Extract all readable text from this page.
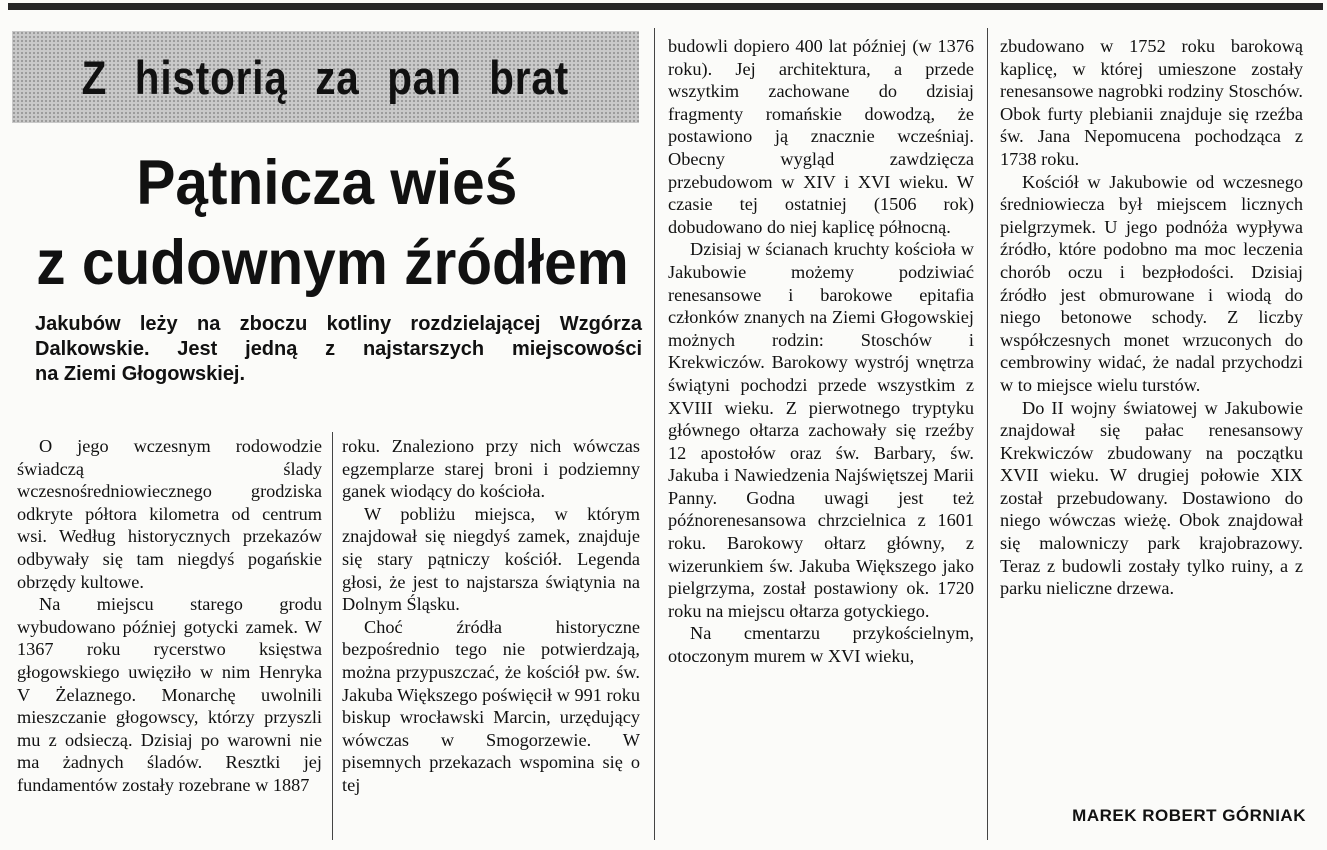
Z historią za pan brat
Pątnicza wieś
z cudownym źródłem
Jakubów leży na zboczu kotliny rozdzielającej Wzgórza
Dalkowskie. Jest jedną z najstarszych miejscowości
na Ziemi Głogowskiej.

O jego wczesnym rodowodzie świadczą ślady wczesnośredniowiecznego grodziska odkryte półtora kilometra od centrum wsi. Według historycznych przekazów odbywały się tam niegdyś pogańskie obrzędy kultowe.

Na miejscu starego grodu wybudowano później gotycki zamek. W 1367 roku rycerstwo księstwa głogowskiego uwięziło w nim Henryka V Żelaznego. Monarchę uwolnili mieszczanie głogowscy, którzy przyszli mu z odsieczą. Dzisiaj po warowni nie ma żadnych śladów. Resztki jej fundamentów zostały rozebrane w 1887

roku. Znaleziono przy nich wówczas egzemplarze starej broni i podziemny ganek wiodący do kościoła.

W pobliżu miejsca, w którym znajdował się niegdyś zamek, znajduje się stary pątniczy kościół. Legenda głosi, że jest to najstarsza świątynia na Dolnym Śląsku.

Choć źródła historyczne bezpośrednio tego nie potwierdzają, można przypuszczać, że kościół pw. św. Jakuba Większego poświęcił w 991 roku biskup wrocławski Marcin, urzędujący wówczas w Smogorzewie. W pisemnych przekazach wspomina się o tej

budowli dopiero 400 lat później (w 1376 roku). Jej architektura, a przede wszytkim zachowane do dzisiaj fragmenty romańskie dowodzą, że postawiono ją znacznie wcześniaj. Obecny wygląd zawdzięcza przebudowom w XIV i XVI wieku. W czasie tej ostatniej (1506 rok) dobudowano do niej kaplicę północną.

Dzisiaj w ścianach kruchty kościoła w Jakubowie możemy podziwiać renesansowe i barokowe epitafia członków znanych na Ziemi Głogowskiej możnych rodzin: Stoschów i Krekwiczów. Barokowy wystrój wnętrza świątyni pochodzi przede wszystkim z XVIII wieku. Z pierwotnego tryptyku głównego ołtarza zachowały się rzeźby 12 apostołów oraz św. Barbary, św. Jakuba i Nawiedzenia Najświętszej Marii Panny. Godna uwagi jest też późnorenesansowa chrzcielnica z 1601 roku. Barokowy ołtarz główny, z wizerunkiem św. Jakuba Większego jako pielgrzyma, został postawiony ok. 1720 roku na miejscu ołtarza gotyckiego.

Na cmentarzu przykościelnym, otoczonym murem w XVI wieku,

zbudowano w 1752 roku barokową kaplicę, w której umieszone zostały renesansowe nagrobki rodziny Stoschów. Obok furty plebianii znajduje się rzeźba św. Jana Nepomucena pochodząca z 1738 roku.

Kościół w Jakubowie od wczesnego średniowiecza był miejscem licznych pielgrzymek. U jego podnóża wypływa źródło, które podobno ma moc leczenia chorób oczu i bezpłodości. Dzisiaj źródło jest obmurowane i wiodą do niego betonowe schody. Z liczby współczesnych monet wrzuconych do cembrowiny widać, że nadal przychodzi w to miejsce wielu turstów.

Do II wojny światowej w Jakubowie znajdował się pałac renesansowy Krekwiczów zbudowany na początku XVII wieku. W drugiej połowie XIX został przebudowany. Dostawiono do niego wówczas wieżę. Obok znajdował się malowniczy park krajobrazowy. Teraz z budowli zostały tylko ruiny, a z parku nieliczne drzewa.

MAREK ROBERT GÓRNIAK
